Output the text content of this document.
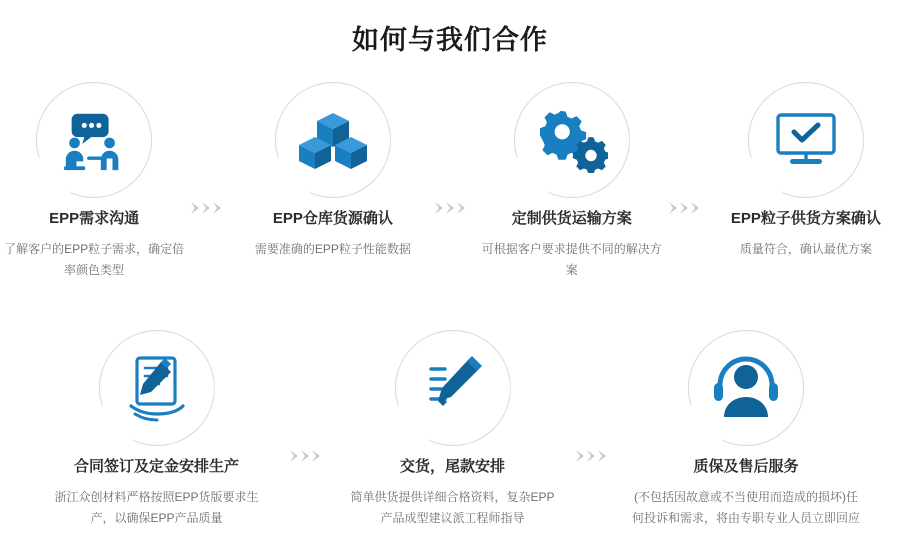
如何与我们合作
EPP需求沟通
了解客户的EPP粒子需求，确定倍率颜色类型
EPP仓库货源确认
需要准确的EPP粒子性能数据
定制供货运输方案
可根据客户要求提供不同的解决方案
EPP粒子供货方案确认
质量符合，确认最优方案
合同签订及定金安排生产
浙江众创材料严格按照EPP货版要求生产，以确保EPP产品质量
交货，尾款安排
简单供货提供详细合格资料，复杂EPP产品成型建议派工程师指导
质保及售后服务
(不包括因故意或不当使用而造成的损坏)任何投诉和需求，将由专职专业人员立即回应
